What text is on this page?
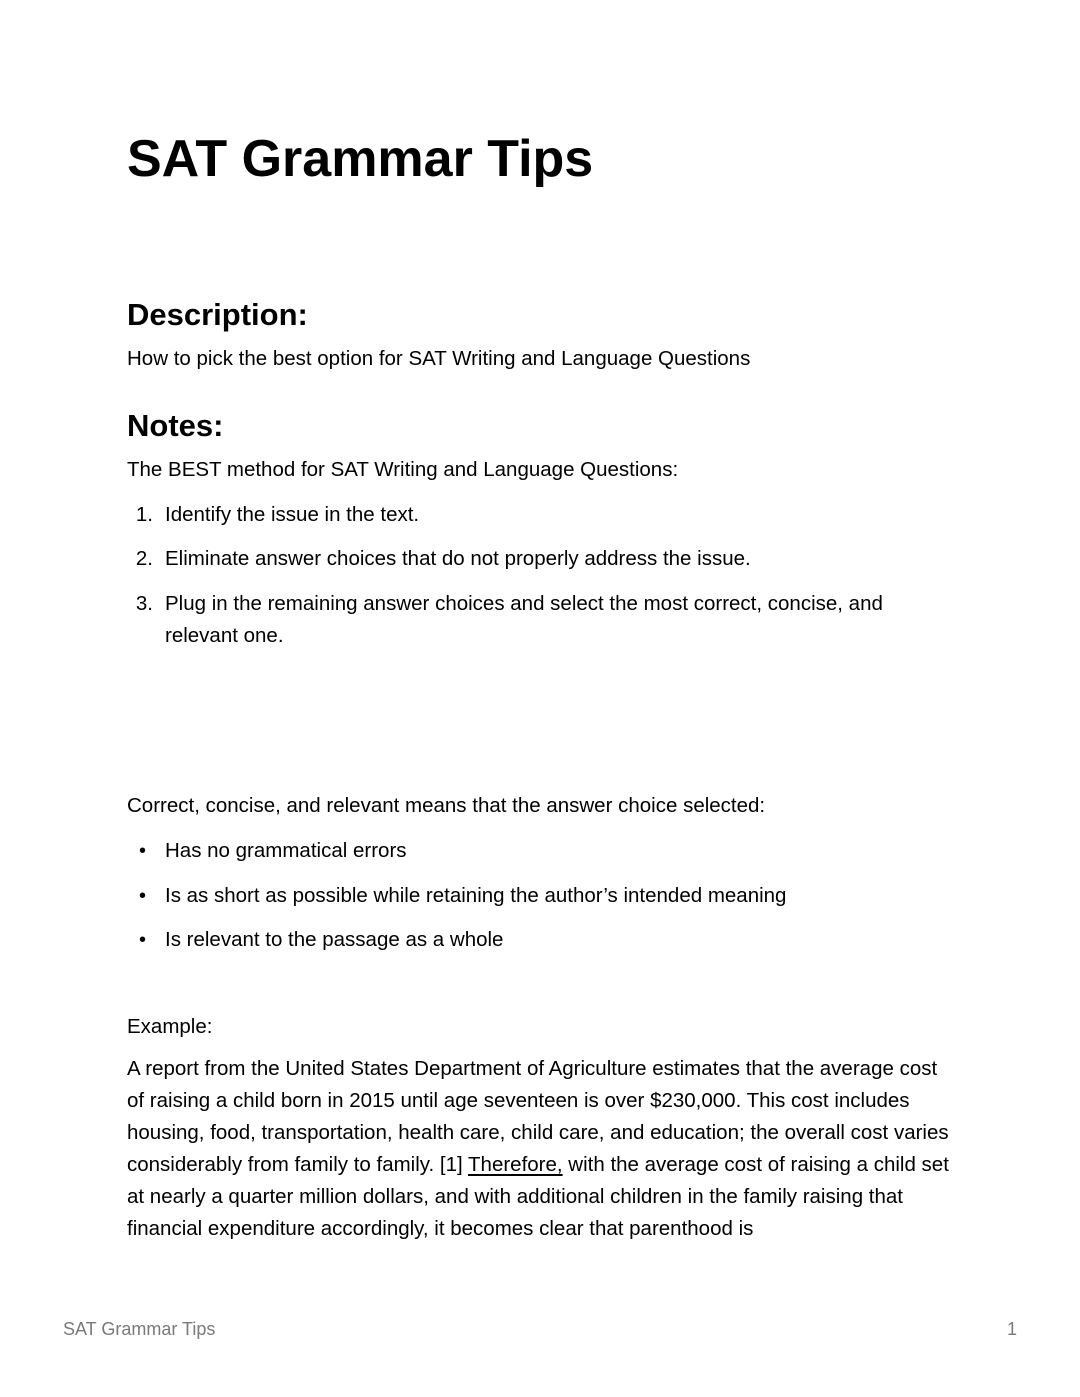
SAT Grammar Tips
Description:

How to pick the best option for SAT Writing and Language Questions

Notes:

The BEST method for SAT Writing and Language Questions:

1. Identify the issue in the text.
2. Eliminate answer choices that do not properly address the issue.
3. Plug in the remaining answer choices and select the most correct, concise, and relevant one.

Correct, concise, and relevant means that the answer choice selected:

• Has no grammatical errors
• Is as short as possible while retaining the author’s intended meaning
• Is relevant to the passage as a whole

Example:

A report from the United States Department of Agriculture estimates that the average cost of raising a child born in 2015 until age seventeen is over $230,000. This cost includes housing, food, transportation, health care, child care, and education; the overall cost varies considerably from family to family. [1] Therefore, with the average cost of raising a child set at nearly a quarter million dollars, and with additional children in the family raising that financial expenditure accordingly, it becomes clear that parenthood is

SAT Grammar Tips	1
